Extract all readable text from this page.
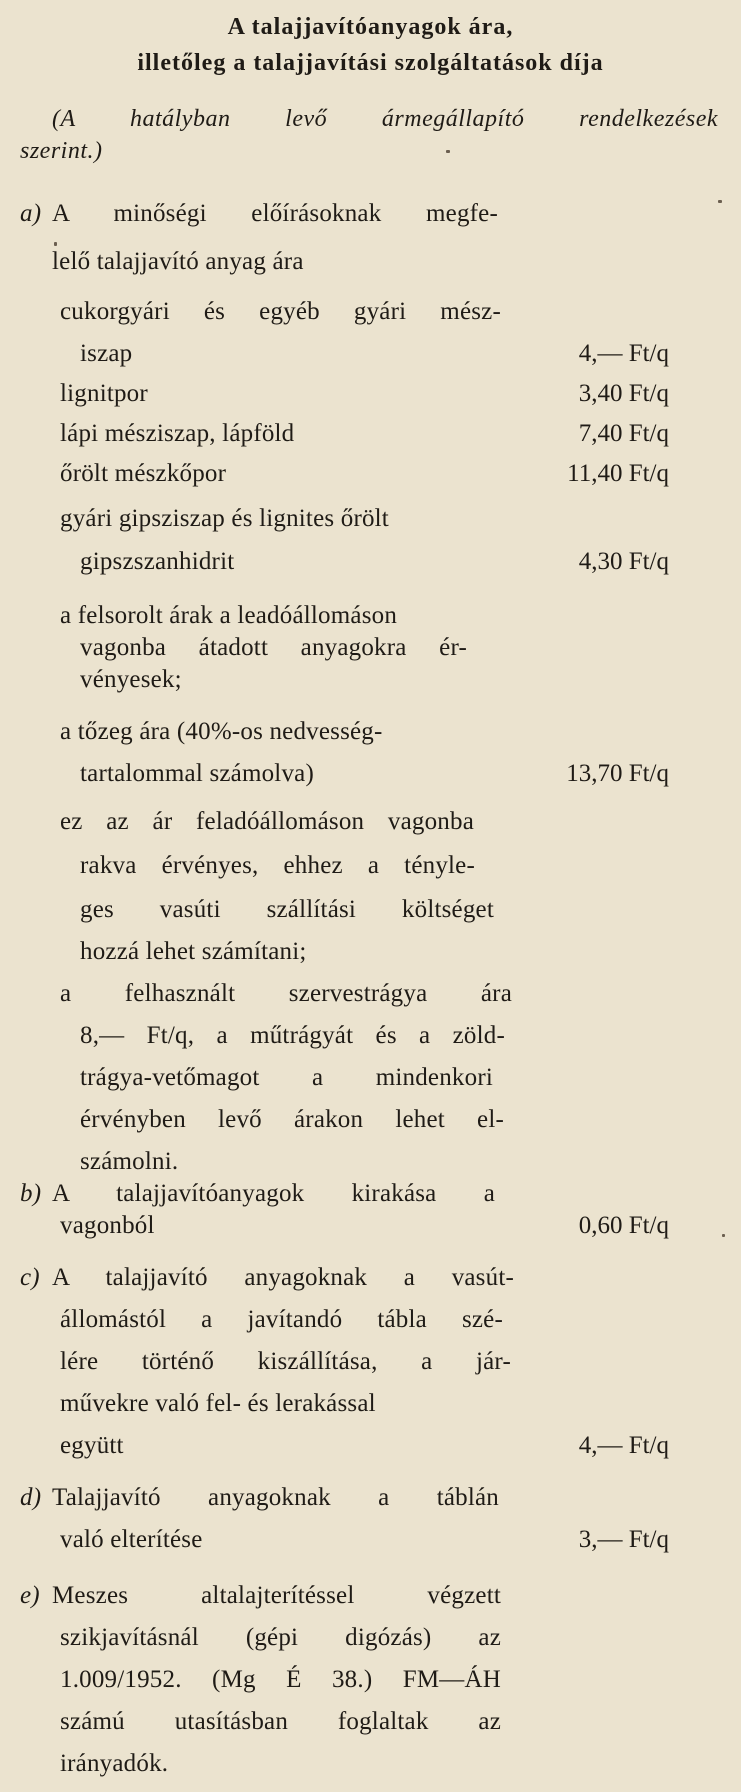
A talajjavítóanyagok ára,
illetőleg a talajjavítási szolgáltatások díja
(A hatályban levő ármegállapító rendelkezések
szerint.)
a) A minőségi előírásoknak megfe-
lelő talajjavító anyag ára
cukorgyári és egyéb gyári mész-
iszap	4,— Ft/q
lignitpor	3,40 Ft/q
lápi mésziszap, lápföld	7,40 Ft/q
őrölt mészkőpor	11,40 Ft/q
gyári gipsziszap és lignites őrölt
gipszszanhidrit	4,30 Ft/q
a felsorolt árak a leadóállomáson
vagonba átadott anyagokra ér-
vényesek;
a tőzeg ára (40%-os nedvesség-
tartalommal számolva)	13,70 Ft/q
ez az ár feladóállomáson vagonba
rakva érvényes, ehhez a tényle-
ges vasúti szállítási költséget
hozzá lehet számítani;
a felhasznált szervestrágya ára
8,— Ft/q, a műtrágyát és a zöld-
trágya-vetőmagot a mindenkori
érvényben levő árakon lehet el-
számolni.
b) A talajjavítóanyagok kirakása a
vagonból	0,60 Ft/q
c) A talajjavító anyagoknak a vasút-
állomástól a javítandó tábla szé-
lére történő kiszállítása, a jár-
művekre való fel- és lerakással
együtt	4,— Ft/q
d) Talajjavító anyagoknak a táblán
való elterítése	3,— Ft/q
e) Meszes altalajterítéssel végzett
szikjavításnál (gépi digózás) az
1.009/1952. (Mg É 38.) FM—ÁH
számú utasításban foglaltak az
irányadók.
